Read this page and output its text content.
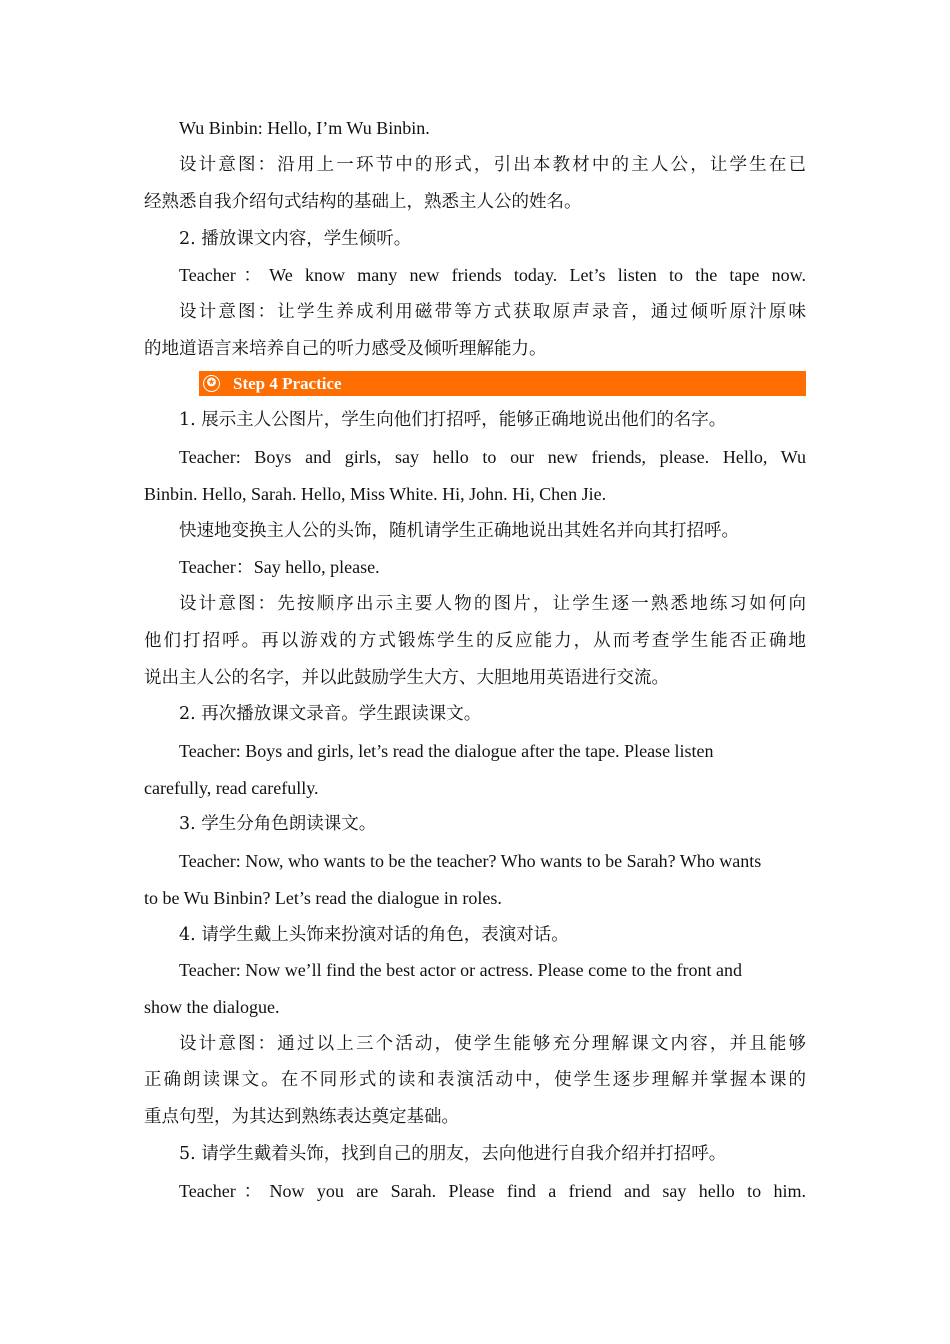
Wu Binbin: Hello, I’m Wu Binbin.
设计意图：沿用上一环节中的形式，引出本教材中的主人公，让学生在已
经熟悉自我介绍句式结构的基础上，熟悉主人公的姓名。
2. 播放课文内容，学生倾听。
Teacher：We know many new friends today. Let’s listen to the tape now.
设计意图：让学生养成利用磁带等方式获取原声录音，通过倾听原汁原味
的地道语言来培养自己的听力感受及倾听理解能力。
✪ Step 4 Practice
1. 展示主人公图片，学生向他们打招呼，能够正确地说出他们的名字。
Teacher: Boys and girls, say hello to our new friends, please. Hello, Wu
Binbin. Hello, Sarah. Hello, Miss White. Hi, John. Hi, Chen Jie.
快速地变换主人公的头饰，随机请学生正确地说出其姓名并向其打招呼。
Teacher：Say hello, please.
设计意图：先按顺序出示主要人物的图片，让学生逐一熟悉地练习如何向
他们打招呼。再以游戏的方式锻炼学生的反应能力，从而考查学生能否正确地
说出主人公的名字，并以此鼓励学生大方、大胆地用英语进行交流。
2. 再次播放课文录音。学生跟读课文。
Teacher: Boys and girls, let’s read the dialogue after the tape. Please listen
carefully, read carefully.
3. 学生分角色朗读课文。
Teacher: Now, who wants to be the teacher? Who wants to be Sarah? Who wants
to be Wu Binbin? Let’s read the dialogue in roles.
4. 请学生戴上头饰来扮演对话的角色，表演对话。
Teacher: Now we’ll find the best actor or actress. Please come to the front and
show the dialogue.
设计意图：通过以上三个活动，使学生能够充分理解课文内容，并且能够
正确朗读课文。在不同形式的读和表演活动中，使学生逐步理解并掌握本课的
重点句型，为其达到熟练表达奠定基础。
5. 请学生戴着头饰，找到自己的朋友，去向他进行自我介绍并打招呼。
Teacher：Now you are Sarah. Please find a friend and say hello to him.
